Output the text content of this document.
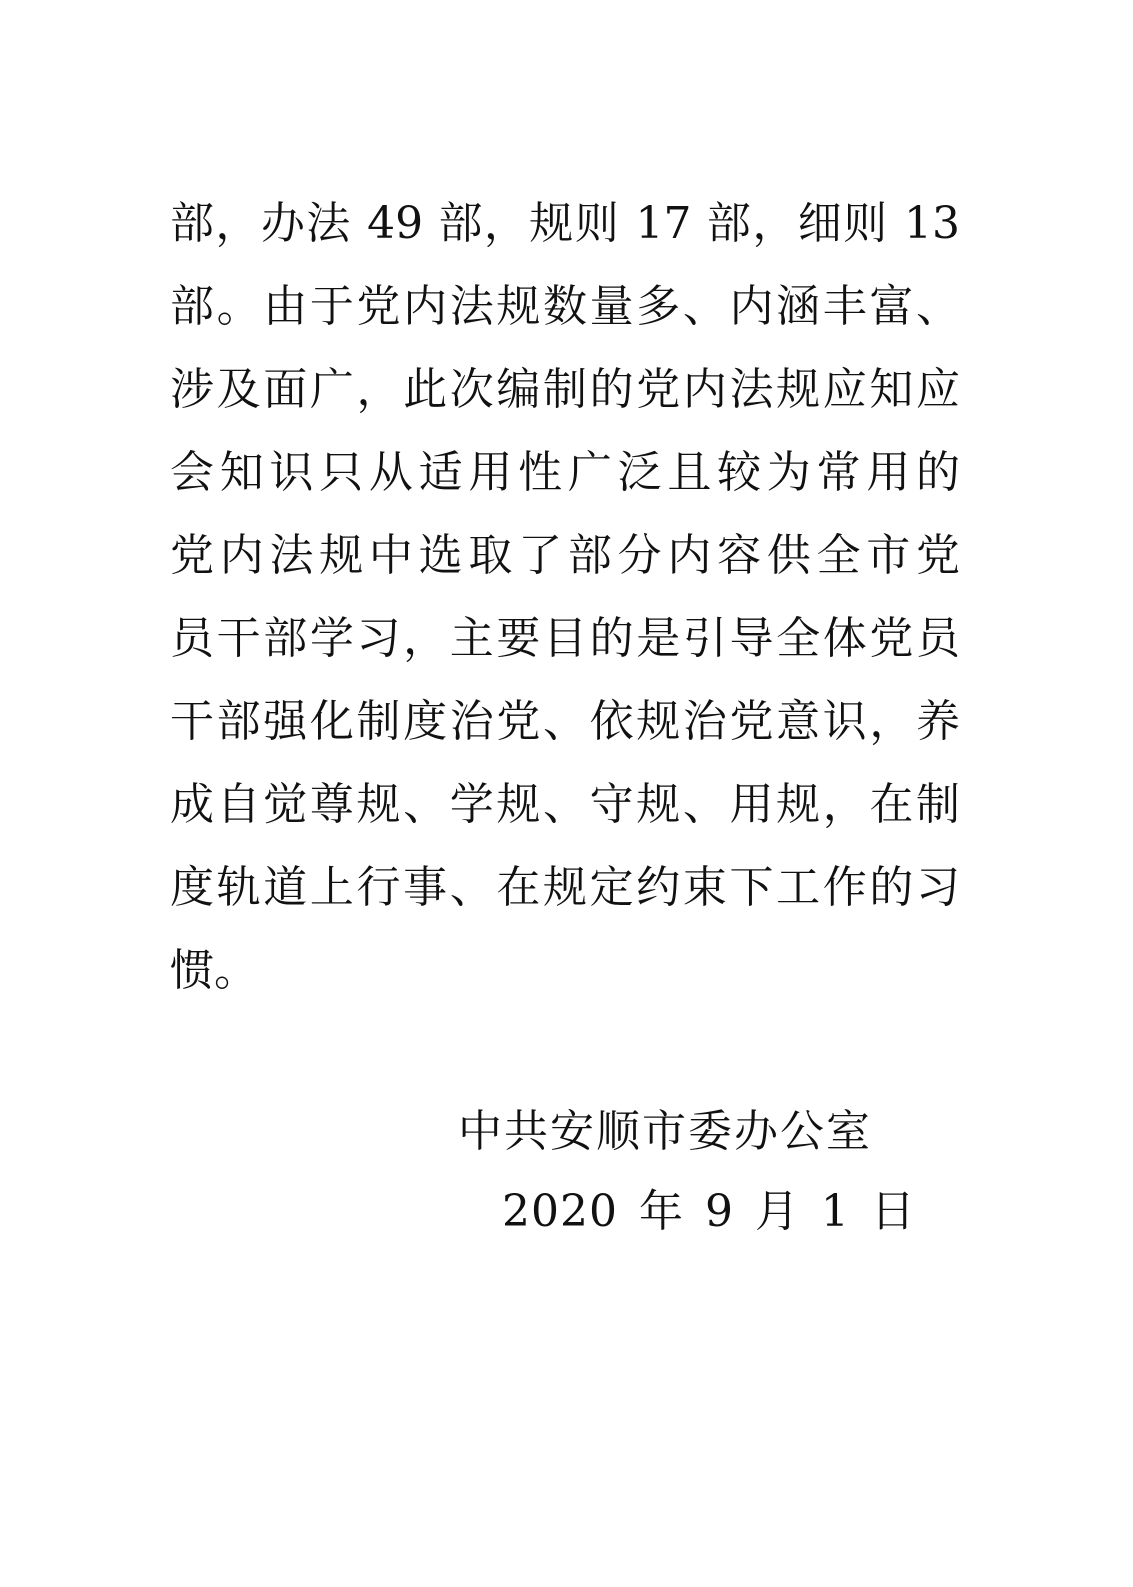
部，办法 49 部，规则 17 部，细则 13
部。由于党内法规数量多、内涵丰富、
涉及面广，此次编制的党内法规应知应
会知识只从适用性广泛且较为常用的
党内法规中选取了部分内容供全市党
员干部学习，主要目的是引导全体党员
干部强化制度治党、依规治党意识，养
成自觉尊规、学规、守规、用规，在制
度轨道上行事、在规定约束下工作的习
惯。
中共安顺市委办公室
2020 年 9 月 1 日
